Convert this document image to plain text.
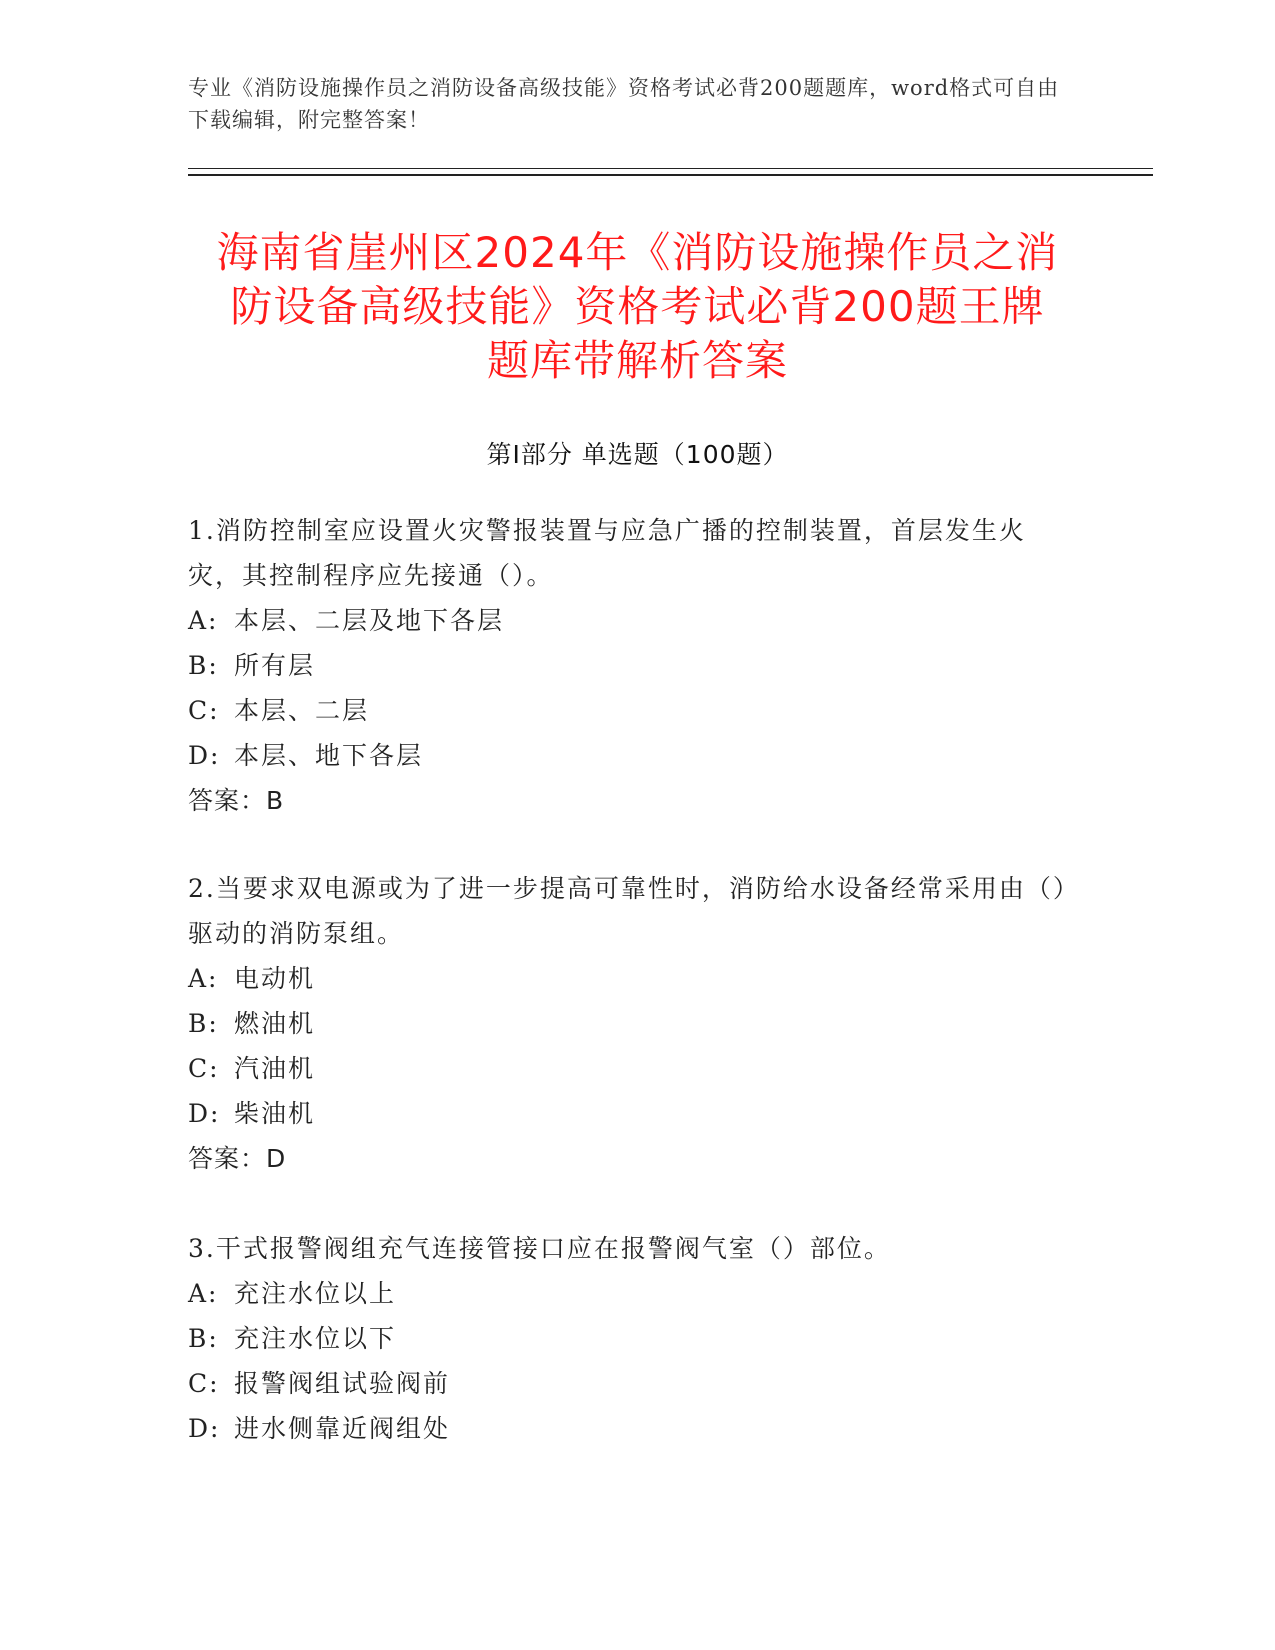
专业《消防设施操作员之消防设备高级技能》资格考试必背200题题库，word格式可自由下载编辑，附完整答案！
海南省崖州区2024年《消防设施操作员之消
防设备高级技能》资格考试必背200题王牌
题库带解析答案
第Ⅰ部分 单选题（100题）

1.消防控制室应设置火灾警报装置与应急广播的控制装置，首层发生火灾，其控制程序应先接通（）。

A: 本层、二层及地下各层

B: 所有层

C: 本层、二层

D: 本层、地下各层

答案：B

2.当要求双电源或为了进一步提高可靠性时，消防给水设备经常采用由（）驱动的消防泵组。

A: 电动机

B: 燃油机

C: 汽油机

D: 柴油机

答案：D

3.干式报警阀组充气连接管接口应在报警阀气室（）部位。

A: 充注水位以上

B: 充注水位以下

C: 报警阀组试验阀前

D: 进水侧靠近阀组处
